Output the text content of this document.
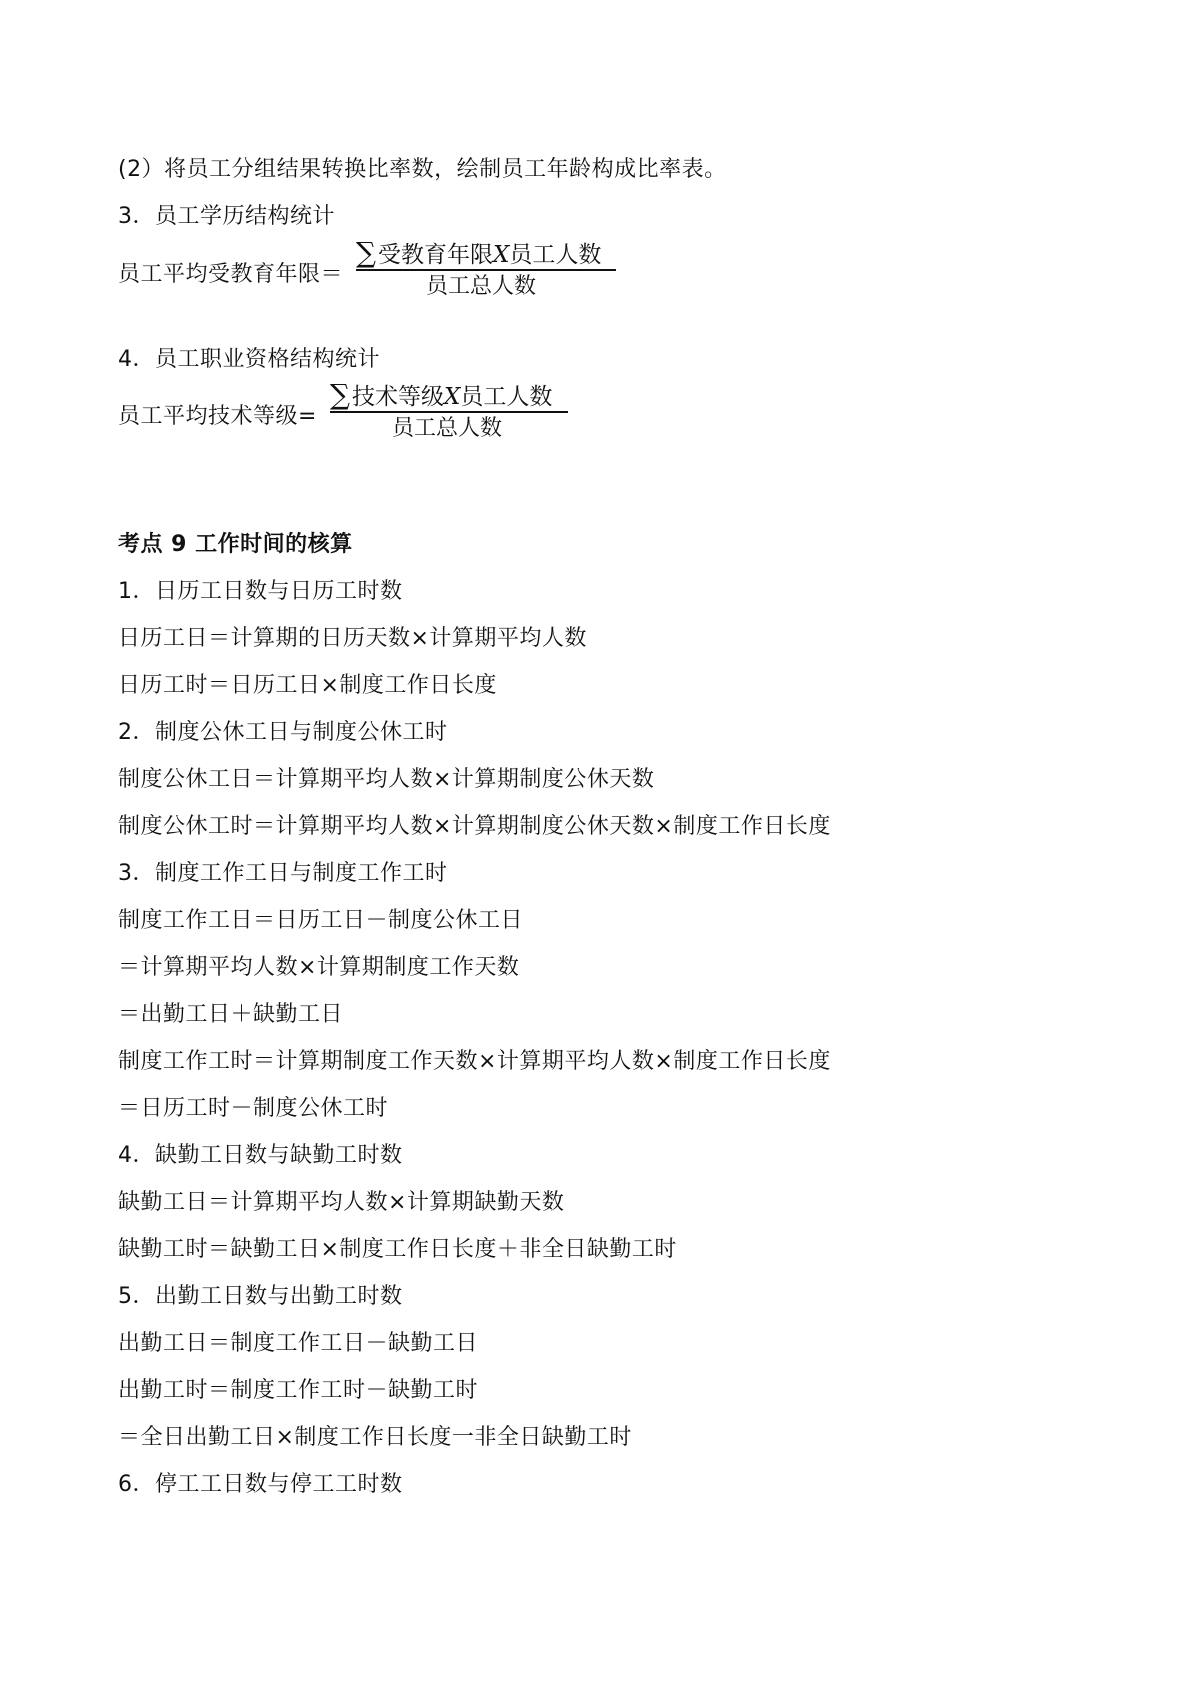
(2）将员工分组结果转换比率数，绘制员工年龄构成比率表。
3．员工学历结构统计
员工平均受教育年限＝
∑受教育年限X员工人数
员工总人数
4．员工职业资格结构统计
员工平均技术等级=
∑技术等级X员工人数
员工总人数
考点 9 工作时间的核算
1．日历工日数与日历工时数
日历工日＝计算期的日历天数×计算期平均人数
日历工时＝日历工日×制度工作日长度
2．制度公休工日与制度公休工时
制度公休工日＝计算期平均人数×计算期制度公休天数
制度公休工时＝计算期平均人数×计算期制度公休天数×制度工作日长度
3．制度工作工日与制度工作工时
制度工作工日＝日历工日－制度公休工日
＝计算期平均人数×计算期制度工作天数
＝出勤工日＋缺勤工日
制度工作工时＝计算期制度工作天数×计算期平均人数×制度工作日长度
＝日历工时－制度公休工时
4．缺勤工日数与缺勤工时数
缺勤工日＝计算期平均人数×计算期缺勤天数
缺勤工时＝缺勤工日×制度工作日长度＋非全日缺勤工时
5．出勤工日数与出勤工时数
出勤工日＝制度工作工日－缺勤工日
出勤工时＝制度工作工时－缺勤工时
＝全日出勤工日×制度工作日长度一非全日缺勤工时
6．停工工日数与停工工时数
